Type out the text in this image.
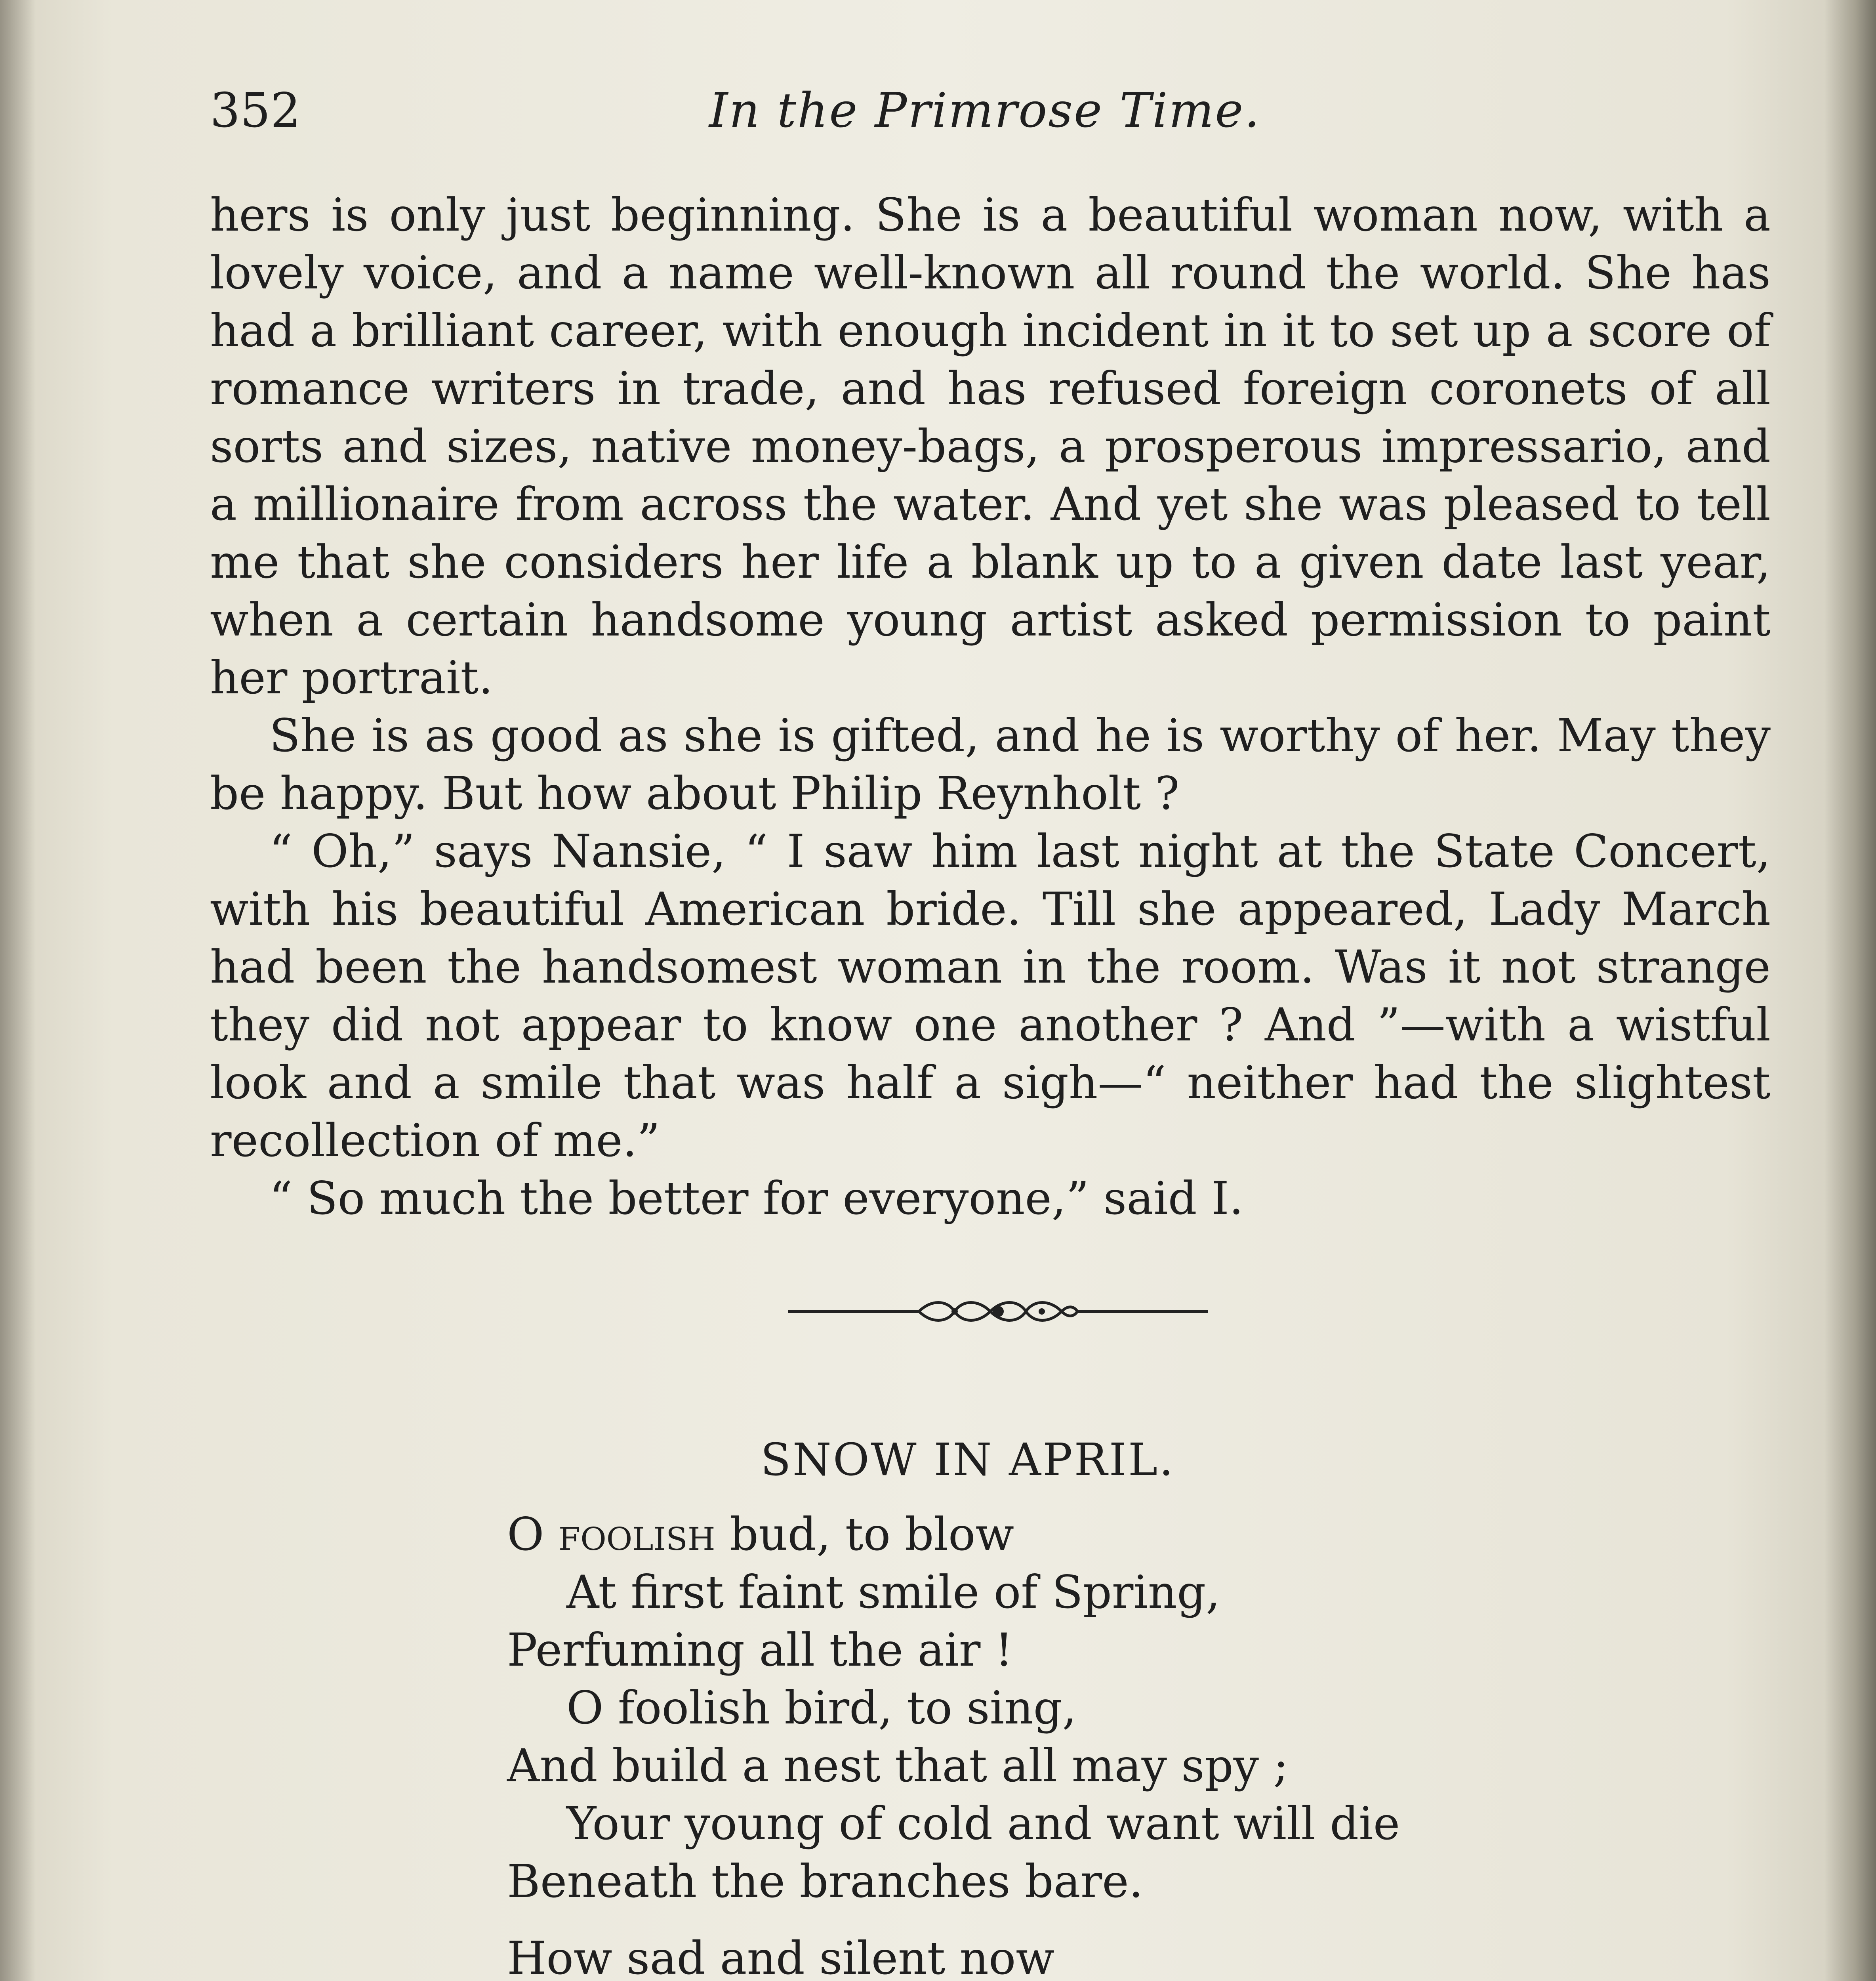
352	In the Primrose Time.

hers is only just beginning. She is a beautiful woman now, with a lovely voice, and a name well-known all round the world. She has had a brilliant career, with enough incident in it to set up a score of romance writers in trade, and has refused foreign coronets of all sorts and sizes, native money-bags, a prosperous impressario, and a millionaire from across the water. And yet she was pleased to tell me that she considers her life a blank up to a given date last year, when a certain handsome young artist asked permission to paint her portrait.

She is as good as she is gifted, and he is worthy of her. May they be happy. But how about Philip Reynholt ?

“ Oh,” says Nansie, “ I saw him last night at the State Concert, with his beautiful American bride. Till she appeared, Lady March had been the handsomest woman in the room. Was it not strange they did not appear to know one another ? And ”—with a wistful look and a smile that was half a sigh—“ neither had the slightest recollection of me.”

“ So much the better for everyone,” said I.

SNOW IN APRIL.
O foolish bud, to blow
At first faint smile of Spring,
Perfuming all the air !
O foolish bird, to sing,
And build a nest that all may spy ;
Your young of cold and want will die
Beneath the branches bare.
How sad and silent now
